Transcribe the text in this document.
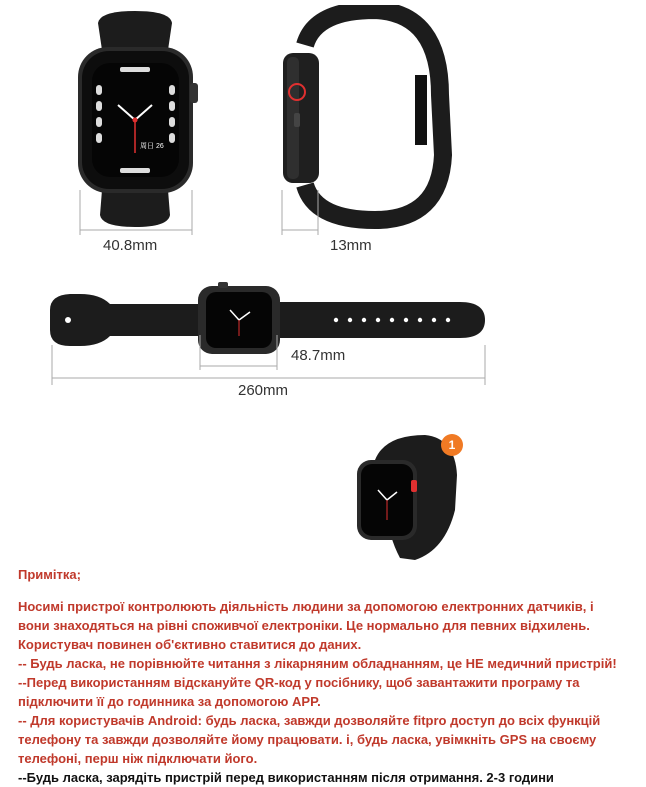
周日 26
40.8mm	13mm
48.7mm
260mm
1
Примітка;
Носимі пристрої контролюють діяльність людини за допомогою електронних датчиків, і вони знаходяться на рівні споживчої електроніки. Це нормально для певних відхилень. Користувач повинен об'єктивно ставитися до даних.
-- Будь ласка, не порівнюйте читання з лікарняним обладнанням, це НЕ медичний пристрій!
--Перед використанням відскануйте QR-код у посібнику, щоб завантажити програму та підключити її до годинника за допомогою APP.
-- Для користувачів Android: будь ласка, завжди дозволяйте fitpro доступ до всіх функцій телефону та завжди дозволяйте йому працювати. і, будь ласка, увімкніть GPS на своєму телефоні, перш ніж підключати його.
--Будь ласка, зарядіть пристрій перед використанням після отримання. 2-3 години
